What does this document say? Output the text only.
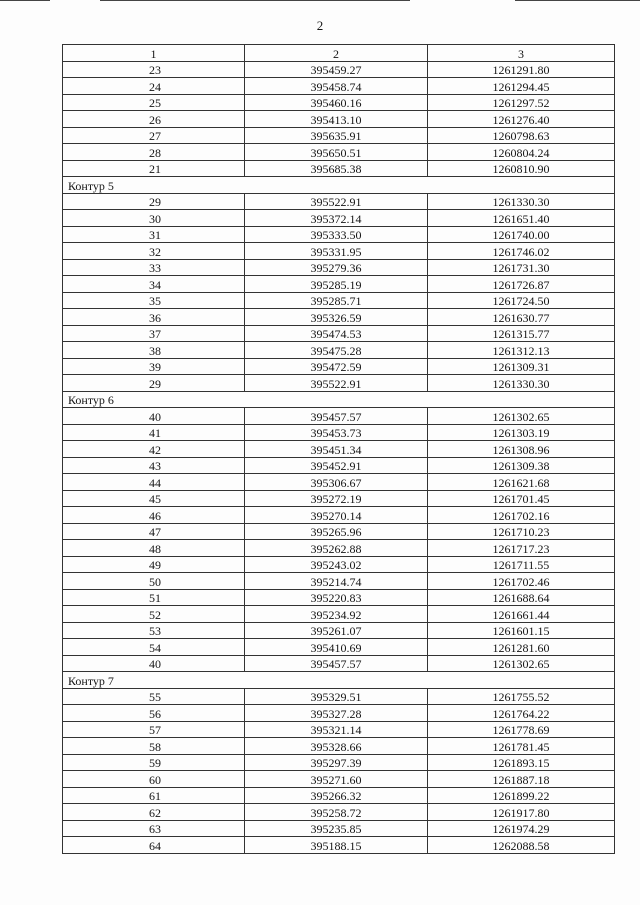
2
1	2	3
23	395459.27	1261291.80
24	395458.74	1261294.45
25	395460.16	1261297.52
26	395413.10	1261276.40
27	395635.91	1260798.63
28	395650.51	1260804.24
21	395685.38	1260810.90
Контур 5		
29	395522.91	1261330.30
30	395372.14	1261651.40
31	395333.50	1261740.00
32	395331.95	1261746.02
33	395279.36	1261731.30
34	395285.19	1261726.87
35	395285.71	1261724.50
36	395326.59	1261630.77
37	395474.53	1261315.77
38	395475.28	1261312.13
39	395472.59	1261309.31
29	395522.91	1261330.30
Контур 6		
40	395457.57	1261302.65
41	395453.73	1261303.19
42	395451.34	1261308.96
43	395452.91	1261309.38
44	395306.67	1261621.68
45	395272.19	1261701.45
46	395270.14	1261702.16
47	395265.96	1261710.23
48	395262.88	1261717.23
49	395243.02	1261711.55
50	395214.74	1261702.46
51	395220.83	1261688.64
52	395234.92	1261661.44
53	395261.07	1261601.15
54	395410.69	1261281.60
40	395457.57	1261302.65
Контур 7		
55	395329.51	1261755.52
56	395327.28	1261764.22
57	395321.14	1261778.69
58	395328.66	1261781.45
59	395297.39	1261893.15
60	395271.60	1261887.18
61	395266.32	1261899.22
62	395258.72	1261917.80
63	395235.85	1261974.29
64	395188.15	1262088.58
